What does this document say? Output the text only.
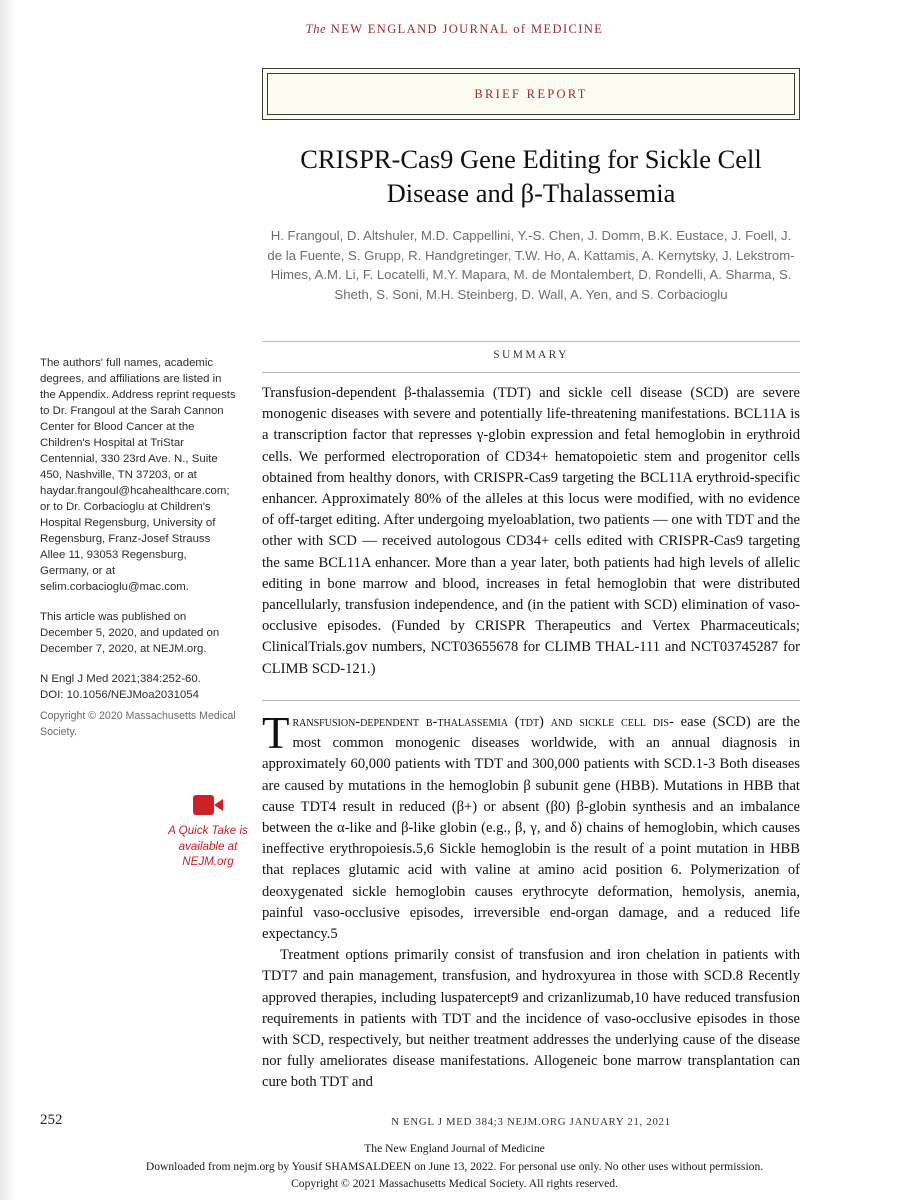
The NEW ENGLAND JOURNAL of MEDICINE
BRIEF REPORT
CRISPR-Cas9 Gene Editing for Sickle Cell Disease and β-Thalassemia
H. Frangoul, D. Altshuler, M.D. Cappellini, Y.-S. Chen, J. Domm, B.K. Eustace, J. Foell, J. de la Fuente, S. Grupp, R. Handgretinger, T.W. Ho, A. Kattamis, A. Kernytsky, J. Lekstrom-Himes, A.M. Li, F. Locatelli, M.Y. Mapara, M. de Montalembert, D. Rondelli, A. Sharma, S. Sheth, S. Soni, M.H. Steinberg, D. Wall, A. Yen, and S. Corbacioglu
SUMMARY
Transfusion-dependent β-thalassemia (TDT) and sickle cell disease (SCD) are severe monogenic diseases with severe and potentially life-threatening manifestations. BCL11A is a transcription factor that represses γ-globin expression and fetal hemoglobin in erythroid cells. We performed electroporation of CD34+ hematopoietic stem and progenitor cells obtained from healthy donors, with CRISPR-Cas9 targeting the BCL11A erythroid-specific enhancer. Approximately 80% of the alleles at this locus were modified, with no evidence of off-target editing. After undergoing myeloablation, two patients — one with TDT and the other with SCD — received autologous CD34+ cells edited with CRISPR-Cas9 targeting the same BCL11A enhancer. More than a year later, both patients had high levels of allelic editing in bone marrow and blood, increases in fetal hemoglobin that were distributed pancellularly, transfusion independence, and (in the patient with SCD) elimination of vaso-occlusive episodes. (Funded by CRISPR Therapeutics and Vertex Pharmaceuticals; ClinicalTrials.gov numbers, NCT03655678 for CLIMB THAL-111 and NCT03745287 for CLIMB SCD-121.)

The authors' full names, academic degrees, and affiliations are listed in the Appendix. Address reprint requests to Dr. Frangoul at the Sarah Cannon Center for Blood Cancer at the Children's Hospital at TriStar Centennial, 330 23rd Ave. N., Suite 450, Nashville, TN 37203, or at haydar.frangoul@hcahealthcare.com; or to Dr. Corbacioglu at Children's Hospital Regensburg, University of Regensburg, Franz-Josef Strauss Allee 11, 93053 Regensburg, Germany, or at selim.corbacioglu@mac.com.

This article was published on December 5, 2020, and updated on December 7, 2020, at NEJM.org.

N Engl J Med 2021;384:252-60.

DOI: 10.1056/NEJMoa2031054

Copyright © 2020 Massachusetts Medical Society.

A Quick Take is
available at
NEJM.org

Transfusion-dependent β-thalassemia (tdt) and sickle cell dis- ease (SCD) are the most common monogenic diseases worldwide, with an annual diagnosis in approximately 60,000 patients with TDT and 300,000 patients with SCD.1-3 Both diseases are caused by mutations in the hemoglobin β subunit gene (HBB). Mutations in HBB that cause TDT4 result in reduced (β+) or absent (β0) β-globin synthesis and an imbalance between the α-like and β-like globin (e.g., β, γ, and δ) chains of hemoglobin, which causes ineffective erythropoiesis.5,6 Sickle hemoglobin is the result of a point mutation in HBB that replaces glutamic acid with valine at amino acid position 6. Polymerization of deoxygenated sickle hemoglobin causes erythrocyte deformation, hemolysis, anemia, painful vaso-occlusive episodes, irreversible end-organ damage, and a reduced life expectancy.5

Treatment options primarily consist of transfusion and iron chelation in patients with TDT7 and pain management, transfusion, and hydroxyurea in those with SCD.8 Recently approved therapies, including luspatercept9 and crizanlizumab,10 have reduced transfusion requirements in patients with TDT and the incidence of vaso-occlusive episodes in those with SCD, respectively, but neither treatment addresses the underlying cause of the disease nor fully ameliorates disease manifestations. Allogeneic bone marrow transplantation can cure both TDT and

252	N ENGL J MED 384;3 NEJM.ORG JANUARY 21, 2021
The New England Journal of Medicine
Downloaded from nejm.org by Yousif SHAMSALDEEN on June 13, 2022. For personal use only. No other uses without permission.
Copyright © 2021 Massachusetts Medical Society. All rights reserved.
